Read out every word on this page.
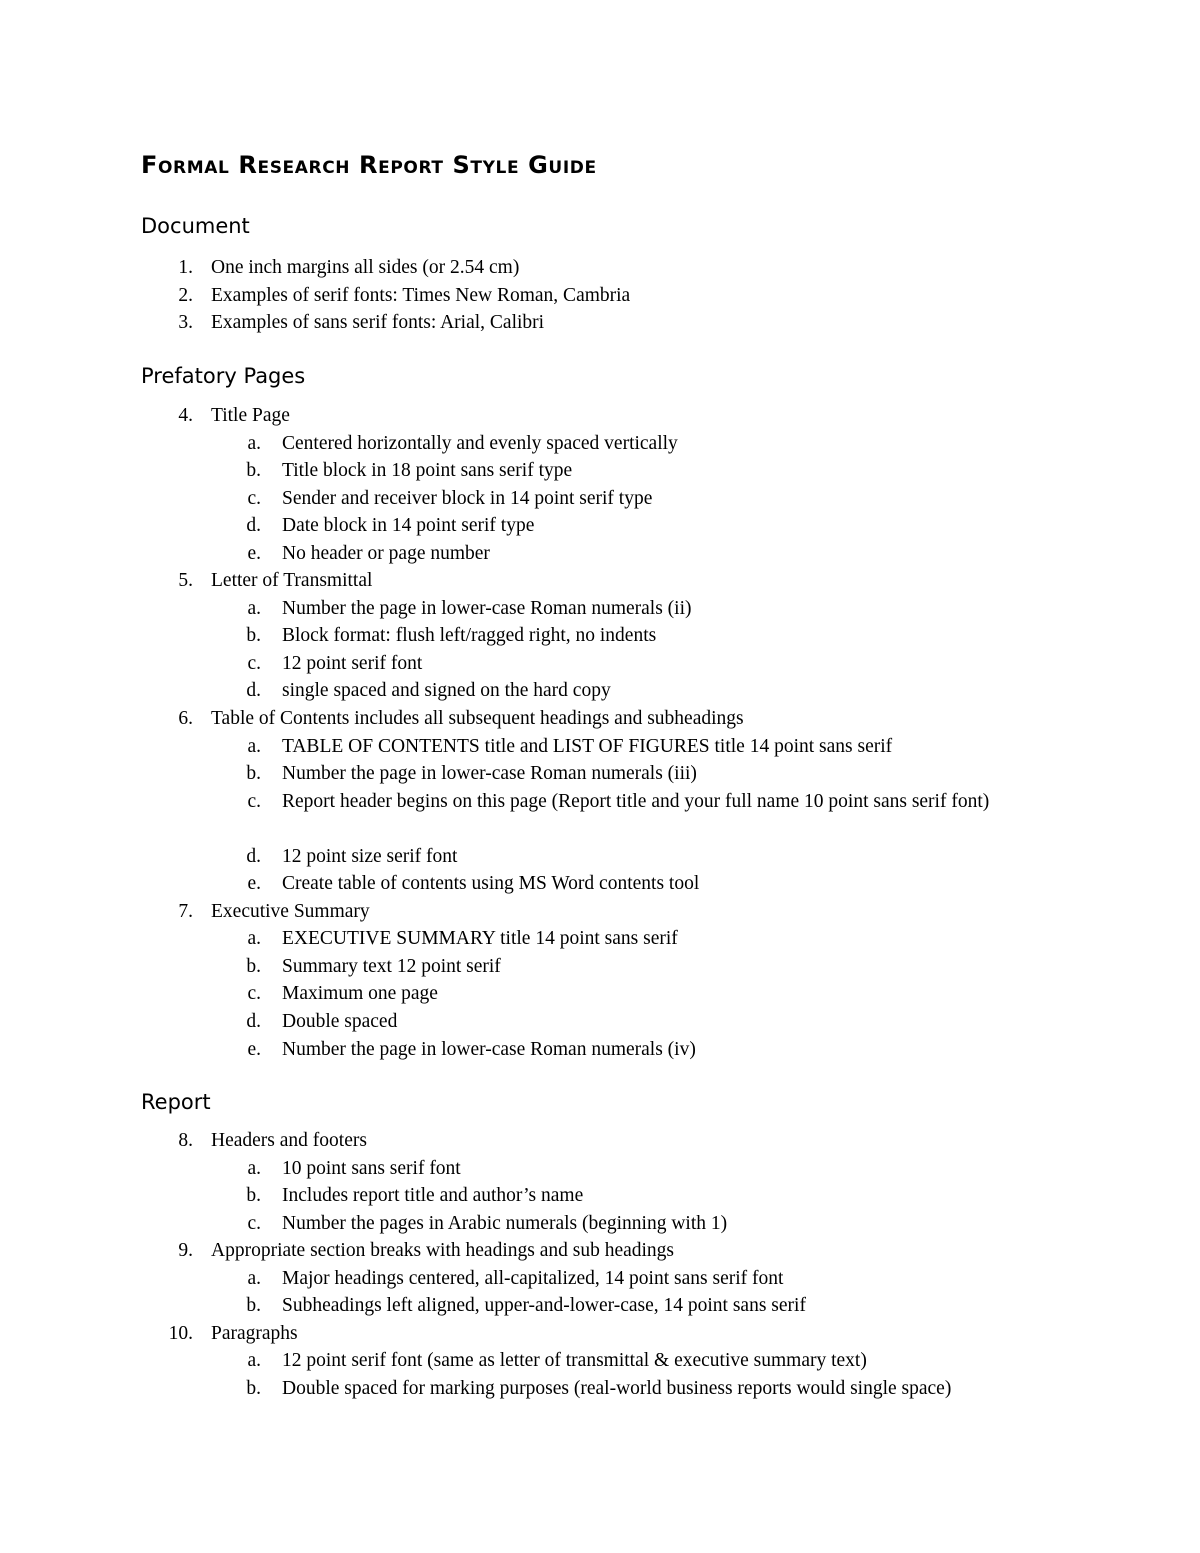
Formal Research Report Style Guide
Document
1. One inch margins all sides (or 2.54 cm)
2. Examples of serif fonts: Times New Roman, Cambria
3. Examples of sans serif fonts: Arial, Calibri
Prefatory Pages
4. Title Page
a. Centered horizontally and evenly spaced vertically
b. Title block in 18 point sans serif type
c. Sender and receiver block in 14 point serif type
d. Date block in 14 point serif type
e. No header or page number
5. Letter of Transmittal
a. Number the page in lower-case Roman numerals (ii)
b. Block format: flush left/ragged right, no indents
c. 12 point serif font
d. single spaced and signed on the hard copy
6. Table of Contents includes all subsequent headings and subheadings
a. TABLE OF CONTENTS title and LIST OF FIGURES title 14 point sans serif
b. Number the page in lower-case Roman numerals (iii)
c. Report header begins on this page (Report title and your full name 10 point sans serif font)
d. 12 point size serif font
e. Create table of contents using MS Word contents tool
7. Executive Summary
a. EXECUTIVE SUMMARY title 14 point sans serif
b. Summary text 12 point serif
c. Maximum one page
d. Double spaced
e. Number the page in lower-case Roman numerals (iv)
Report
8. Headers and footers
a. 10 point sans serif font
b. Includes report title and author’s name
c. Number the pages in Arabic numerals (beginning with 1)
9. Appropriate section breaks with headings and sub headings
a. Major headings centered, all-capitalized, 14 point sans serif font
b. Subheadings left aligned, upper-and-lower-case, 14 point sans serif
10. Paragraphs
a. 12 point serif font (same as letter of transmittal & executive summary text)
b. Double spaced for marking purposes (real-world business reports would single space)
